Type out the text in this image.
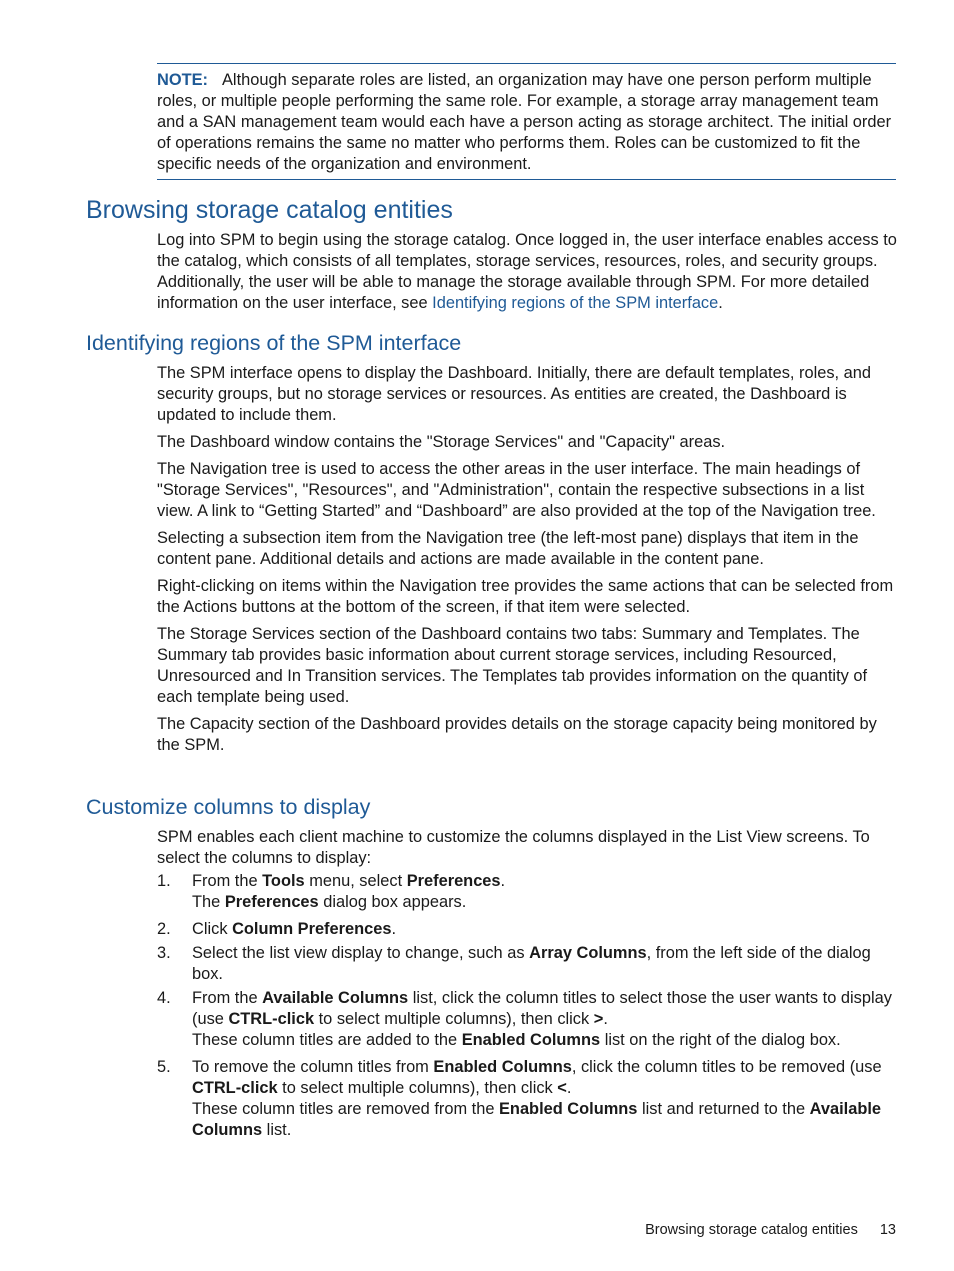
NOTE: Although separate roles are listed, an organization may have one person perform multiple roles, or multiple people performing the same role. For example, a storage array management team and a SAN management team would each have a person acting as storage architect. The initial order of operations remains the same no matter who performs them. Roles can be customized to fit the specific needs of the organization and environment.
Browsing storage catalog entities

Log into SPM to begin using the storage catalog. Once logged in, the user interface enables access to the catalog, which consists of all templates, storage services, resources, roles, and security groups. Additionally, the user will be able to manage the storage available through SPM. For more detailed information on the user interface, see Identifying regions of the SPM interface.

Identifying regions of the SPM interface

The SPM interface opens to display the Dashboard. Initially, there are default templates, roles, and security groups, but no storage services or resources. As entities are created, the Dashboard is updated to include them.

The Dashboard window contains the "Storage Services" and "Capacity" areas.

The Navigation tree is used to access the other areas in the user interface. The main headings of "Storage Services", "Resources", and "Administration", contain the respective subsections in a list view. A link to “Getting Started” and “Dashboard” are also provided at the top of the Navigation tree.

Selecting a subsection item from the Navigation tree (the left-most pane) displays that item in the content pane. Additional details and actions are made available in the content pane.

Right-clicking on items within the Navigation tree provides the same actions that can be selected from the Actions buttons at the bottom of the screen, if that item were selected.

The Storage Services section of the Dashboard contains two tabs: Summary and Templates. The Summary tab provides basic information about current storage services, including Resourced, Unresourced and In Transition services. The Templates tab provides information on the quantity of each template being used.

The Capacity section of the Dashboard provides details on the storage capacity being monitored by the SPM.

Customize columns to display

SPM enables each client machine to customize the columns displayed in the List View screens. To select the columns to display:

1. From the Tools menu, select Preferences.

The Preferences dialog box appears.

2. Click Column Preferences.

3. Select the list view display to change, such as Array Columns, from the left side of the dialog box.

4. From the Available Columns list, click the column titles to select those the user wants to display (use CTRL-click to select multiple columns), then click >.

These column titles are added to the Enabled Columns list on the right of the dialog box.

5. To remove the column titles from Enabled Columns, click the column titles to be removed (use CTRL-click to select multiple columns), then click <.

These column titles are removed from the Enabled Columns list and returned to the Available Columns list.

Browsing storage catalog entities 13
